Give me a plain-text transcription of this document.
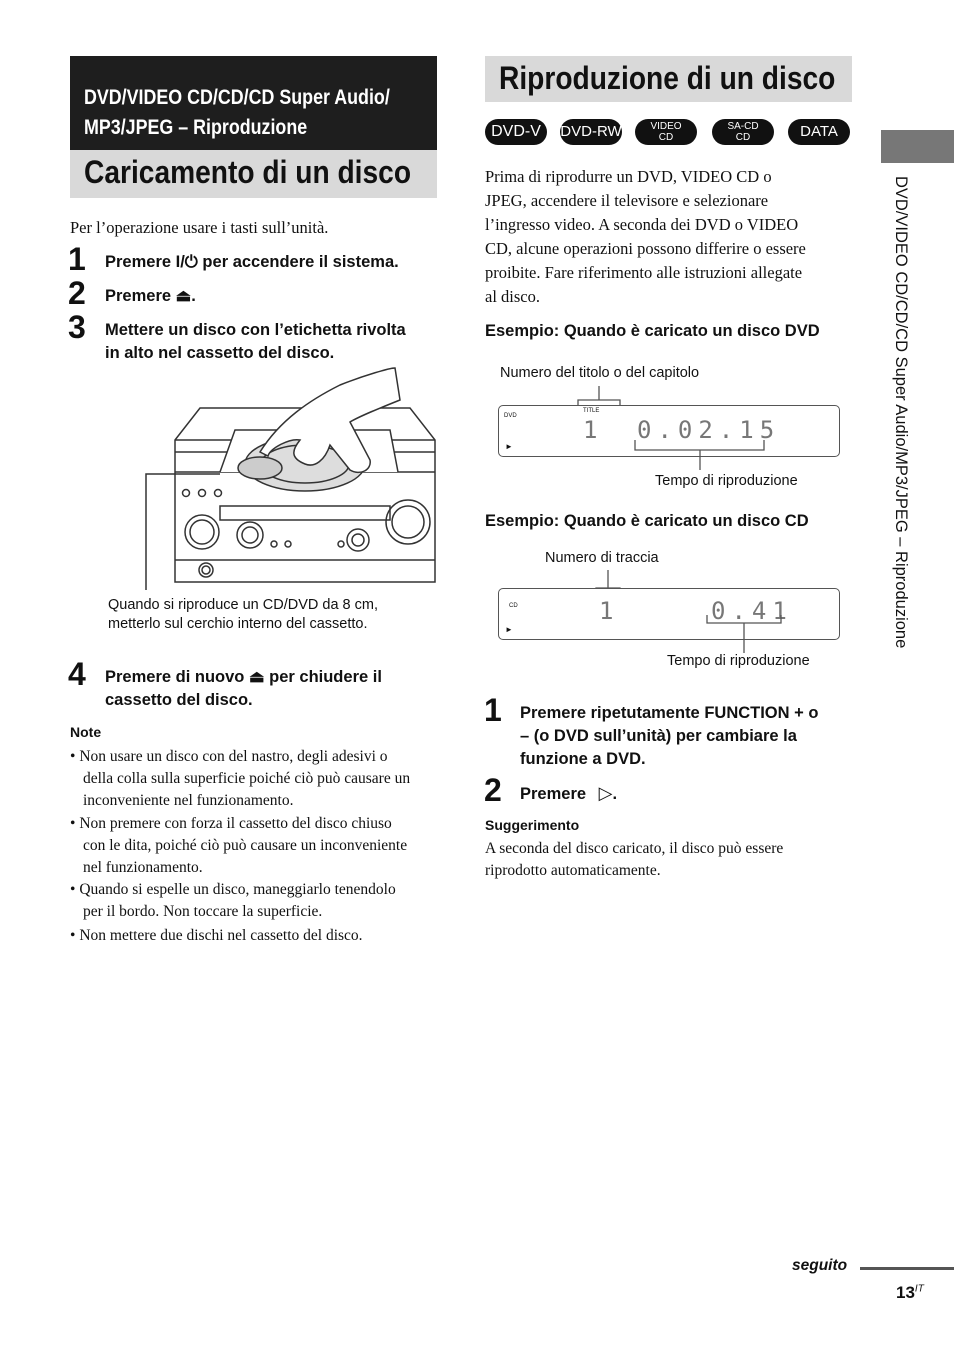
DVD/VIDEO CD/CD/CD Super Audio/
MP3/JPEG – Riproduzione
Caricamento di un disco
Per l’operazione usare i tasti sull’unità.
1 Premere I/⏻ per accendere il sistema.
2 Premere ⏏.
3 Mettere un disco con l’etichetta rivolta
in alto nel cassetto del disco.
Quando si riproduce un CD/DVD da 8 cm,
metterlo sul cerchio interno del cassetto.
4 Premere di nuovo ⏏ per chiudere il
cassetto del disco.
Note
• Non usare un disco con del nastro, degli adesivi o
della colla sulla superficie poiché ciò può causare un
inconveniente nel funzionamento.
• Non premere con forza il cassetto del disco chiuso
con le dita, poiché ciò può causare un inconveniente
nel funzionamento.
• Quando si espelle un disco, maneggiarlo tenendolo
per il bordo. Non toccare la superficie.
• Non mettere due dischi nel cassetto del disco.
Riproduzione di un disco
DVD-V	DVD-RW	VIDEO CD
SA-CD CD	DATA CD
Prima di riprodurre un DVD, VIDEO CD o
JPEG, accendere il televisore e selezionare
l’ingresso video. A seconda dei DVD o VIDEO
CD, alcune operazioni possono differire o essere
proibite. Fare riferimento alle istruzioni allegate
al disco.
Esempio: Quando è caricato un disco DVD
Numero del titolo o del capitolo
DVD
TITLE
1 0.02.15
►
Tempo di riproduzione
Esempio: Quando è caricato un disco CD
Numero di traccia
CD	1	0.41
►
Tempo di riproduzione
1 Premere ripetutamente FUNCTION + o
– (o DVD sull’unità) per cambiare la
funzione a DVD.
2 Premere ▷.
Suggerimento
A seconda del disco caricato, il disco può essere
riprodotto automaticamente.
DVD/VIDEO CD/CD/CD Super Audio/MP3/JPEG – Riproduzione
seguito
$13^{IT}$
